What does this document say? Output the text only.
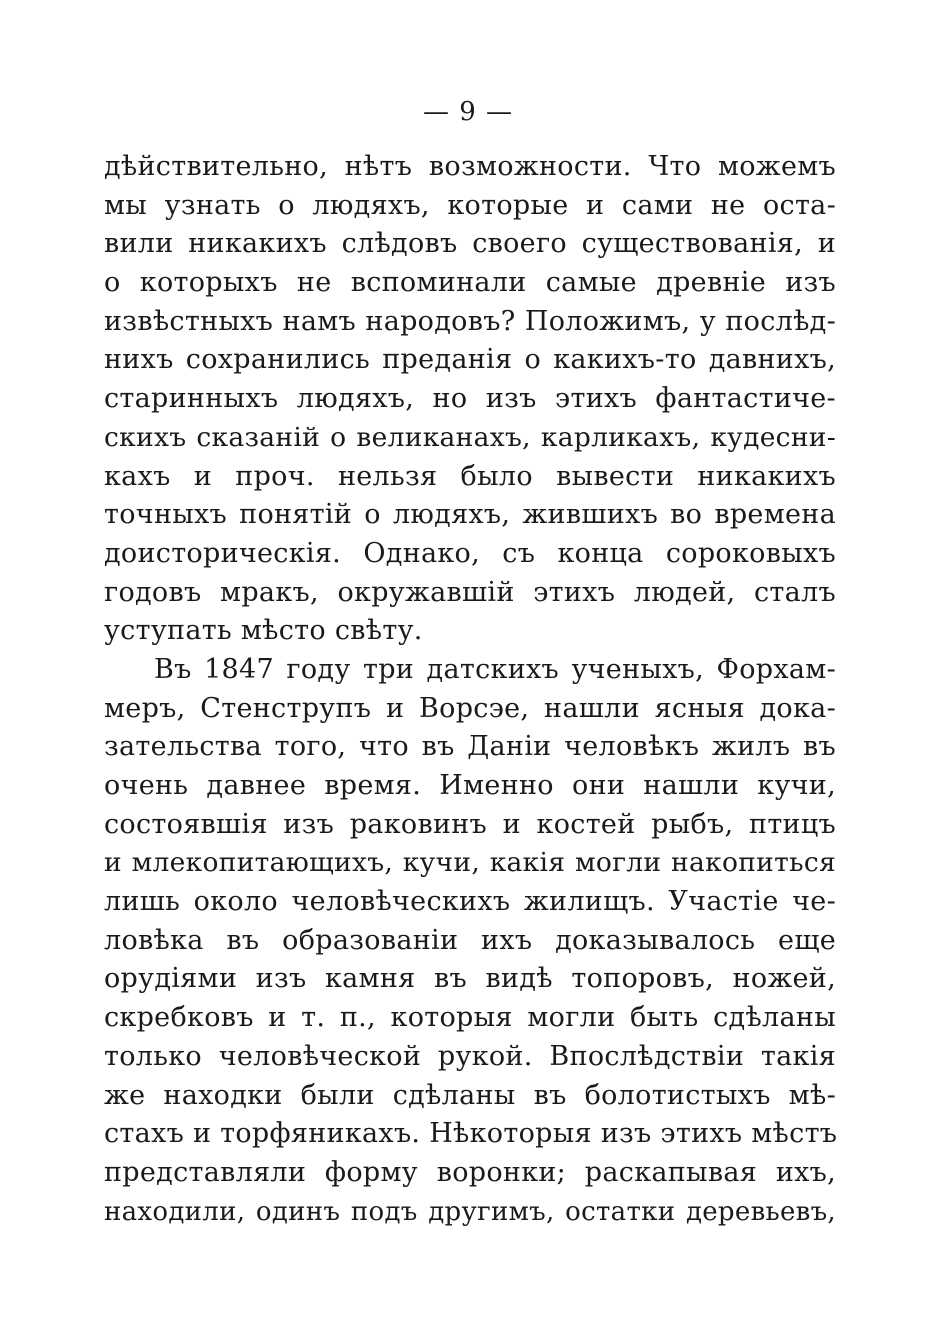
— 9 —
дѣйствительно, нѣтъ возможности. Что можемъ
мы узнать о людяхъ, которые и сами не оста-
вили никакихъ слѣдовъ своего существованія, и
о которыхъ не вспоминали самые древніе изъ
извѣстныхъ намъ народовъ? Положимъ, у послѣд-
нихъ сохранились преданія о какихъ-то давнихъ,
старинныхъ людяхъ, но изъ этихъ фантастиче-
скихъ сказаній о великанахъ, карликахъ, кудесни-
кахъ и проч. нельзя было вывести никакихъ
точныхъ понятій о людяхъ, жившихъ во времена
доисторическія. Однако, съ конца сороковыхъ
годовъ мракъ, окружавшій этихъ людей, сталъ
уступать мѣсто свѣту.
Въ 1847 году три датскихъ ученыхъ, Форхам-
меръ, Стенструпъ и Ворсэе, нашли ясныя дока-
зательства того, что въ Даніи человѣкъ жилъ въ
очень давнее время. Именно они нашли кучи,
состоявшія изъ раковинъ и костей рыбъ, птицъ
и млекопитающихъ, кучи, какія могли накопиться
лишь около человѣческихъ жилищъ. Участіе че-
ловѣка въ образованіи ихъ доказывалось еще
орудіями изъ камня въ видѣ топоровъ, ножей,
скребковъ и т. п., которыя могли быть сдѣланы
только человѣческой рукой. Впослѣдствіи такія
же находки были сдѣланы въ болотистыхъ мѣ-
стахъ и торфяникахъ. Нѣкоторыя изъ этихъ мѣстъ
представляли форму воронки; раскапывая ихъ,
находили, одинъ подъ другимъ, остатки деревьевъ,
